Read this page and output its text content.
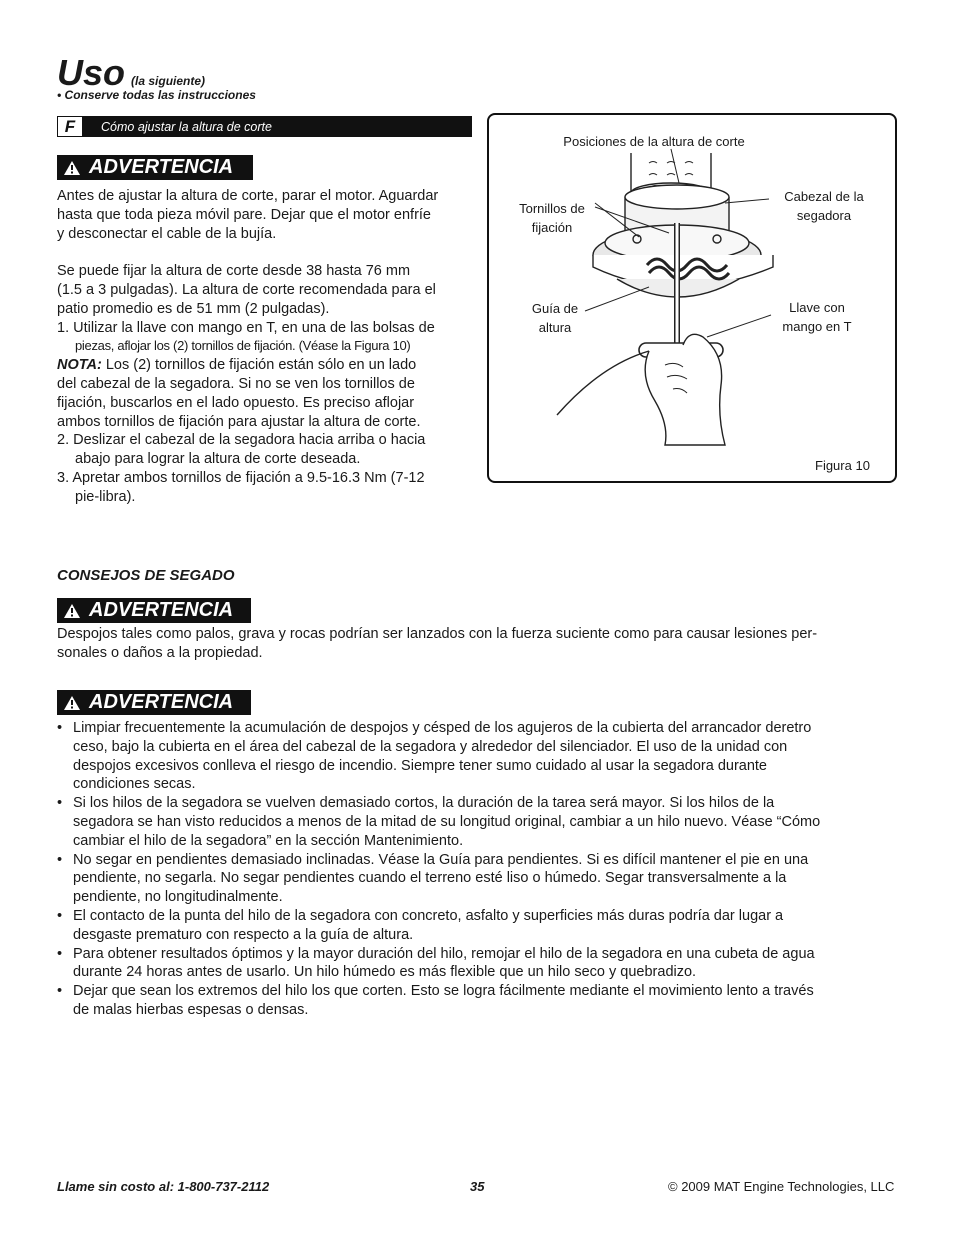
Uso (la siguiente)
• Conserve todas las instrucciones
F	Cómo ajustar la altura de corte
ADVERTENCIA

Antes de ajustar la altura de corte, parar el motor. Aguardar

hasta que toda pieza móvil pare. Dejar que el motor enfríe

y desconectar el cable de la bujía.

Se puede fijar la altura de corte desde 38 hasta 76 mm

(1.5 a 3 pulgadas). La altura de corte recomendada para el

patio promedio es de 51 mm (2 pulgadas).

1. Utilizar la llave con mango en T, en una de las bolsas de

piezas, aflojar los (2) tornillos de fijación. (Véase la Figura 10)

NOTA: Los (2) tornillos de fijación están sólo en un lado

del cabezal de la segadora. Si no se ven los tornillos de

fijación, buscarlos en el lado opuesto. Es preciso aflojar

ambos tornillos de fijación para ajustar la altura de corte.

2. Deslizar el cabezal de la segadora hacia arriba o hacia

abajo para lograr la altura de corte deseada.

3. Apretar ambos tornillos de fijación a 9.5-16.3 Nm (7-12

pie-libra).

Posiciones de la altura de corte
Tornillos de
fijación
Cabezal de la
segadora
Guía de
altura
Llave con
mango en T
Figura 10
CONSEJOS DE SEGADO
ADVERTENCIA

Despojos tales como palos, grava y rocas podrían ser lanzados con la fuerza suciente como para causar lesiones per-

sonales o daños a la propiedad.

ADVERTENCIA
• Limpiar frecuentemente la acumulación de despojos y césped de los agujeros de la cubierta del arrancador deretro
ceso, bajo la cubierta en el área del cabezal de la segadora y alrededor del silenciador. El uso de la unidad con
despojos excesivos conlleva el riesgo de incendio. Siempre tener sumo cuidado al usar la segadora durante
condiciones secas.
• Si los hilos de la segadora se vuelven demasiado cortos, la duración de la tarea será mayor. Si los hilos de la
segadora se han visto reducidos a menos de la mitad de su longitud original, cambiar a un hilo nuevo. Véase “Cómo
cambiar el hilo de la segadora” en la sección Mantenimiento.
• No segar en pendientes demasiado inclinadas. Véase la Guía para pendientes. Si es difícil mantener el pie en una
pendiente, no segarla. No segar pendientes cuando el terreno esté liso o húmedo. Segar transversalmente a la
pendiente, no longitudinalmente.
• El contacto de la punta del hilo de la segadora con concreto, asfalto y superficies más duras podría dar lugar a
desgaste prematuro con respecto a la guía de altura.
• Para obtener resultados óptimos y la mayor duración del hilo, remojar el hilo de la segadora en una cubeta de agua
durante 24 horas antes de usarlo. Un hilo húmedo es más flexible que un hilo seco y quebradizo.
• Dejar que sean los extremos del hilo los que corten. Esto se logra fácilmente mediante el movimiento lento a través
de malas hierbas espesas o densas.
Llame sin costo al: 1-800-737-2112	35	© 2009 MAT Engine Technologies, LLC
